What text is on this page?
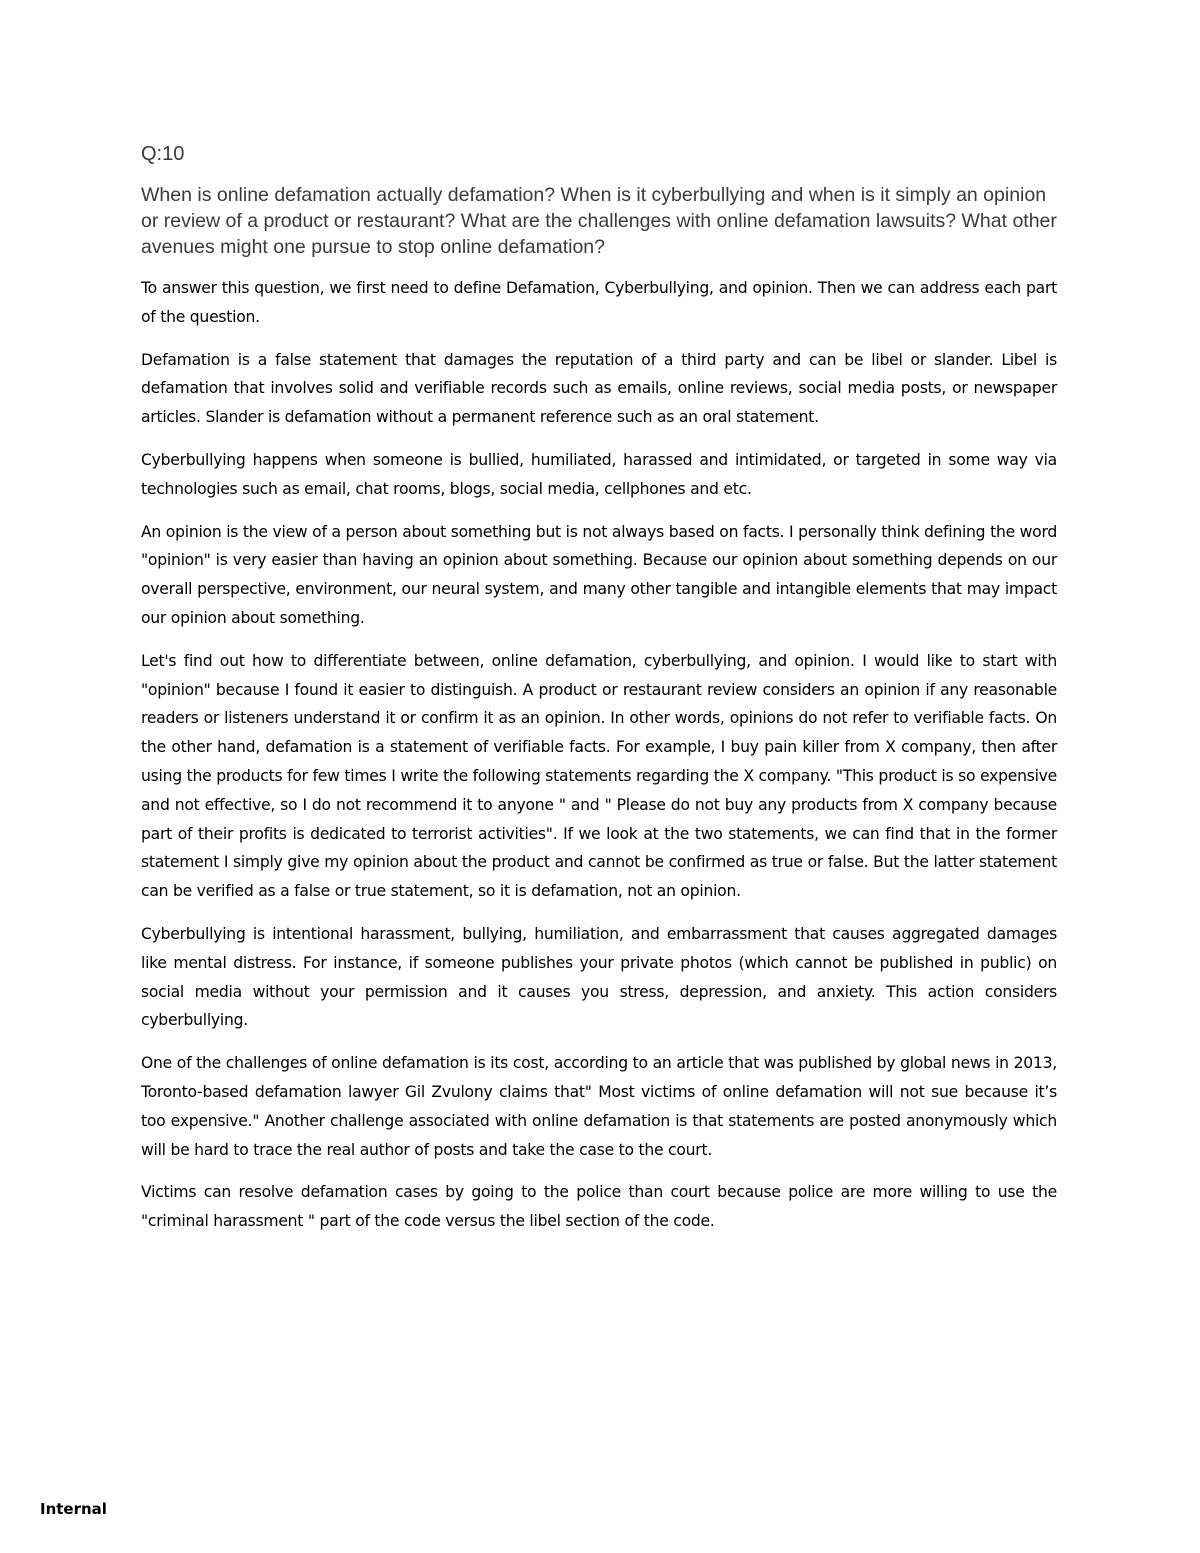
Q:10

When is online defamation actually defamation? When is it cyberbullying and when is it simply an opinion or review of a product or restaurant? What are the challenges with online defamation lawsuits? What other avenues might one pursue to stop online defamation?

To answer this question, we first need to define Defamation, Cyberbullying, and opinion. Then we can address each part of the question.

Defamation is a false statement that damages the reputation of a third party and can be libel or slander. Libel is defamation that involves solid and verifiable records such as emails, online reviews, social media posts, or newspaper articles. Slander is defamation without a permanent reference such as an oral statement.

Cyberbullying happens when someone is bullied, humiliated, harassed and intimidated, or targeted in some way via technologies such as email, chat rooms, blogs, social media, cellphones and etc.

An opinion is the view of a person about something but is not always based on facts. I personally think defining the word "opinion" is very easier than having an opinion about something. Because our opinion about something depends on our overall perspective, environment, our neural system, and many other tangible and intangible elements that may impact our opinion about something.

Let's find out how to differentiate between, online defamation, cyberbullying, and opinion. I would like to start with "opinion" because I found it easier to distinguish. A product or restaurant review considers an opinion if any reasonable readers or listeners understand it or confirm it as an opinion. In other words, opinions do not refer to verifiable facts. On the other hand, defamation is a statement of verifiable facts. For example, I buy pain killer from X company, then after using the products for few times I write the following statements regarding the X company. "This product is so expensive and not effective, so I do not recommend it to anyone " and " Please do not buy any products from X company because part of their profits is dedicated to terrorist activities". If we look at the two statements, we can find that in the former statement I simply give my opinion about the product and cannot be confirmed as true or false. But the latter statement can be verified as a false or true statement, so it is defamation, not an opinion.

Cyberbullying is intentional harassment, bullying, humiliation, and embarrassment that causes aggregated damages like mental distress. For instance, if someone publishes your private photos (which cannot be published in public) on social media without your permission and it causes you stress, depression, and anxiety. This action considers cyberbullying.

One of the challenges of online defamation is its cost, according to an article that was published by global news in 2013, Toronto-based defamation lawyer Gil Zvulony claims that" Most victims of online defamation will not sue because it’s too expensive." Another challenge associated with online defamation is that statements are posted anonymously which will be hard to trace the real author of posts and take the case to the court.

Victims can resolve defamation cases by going to the police than court because police are more willing to use the "criminal harassment " part of the code versus the libel section of the code.

Internal
